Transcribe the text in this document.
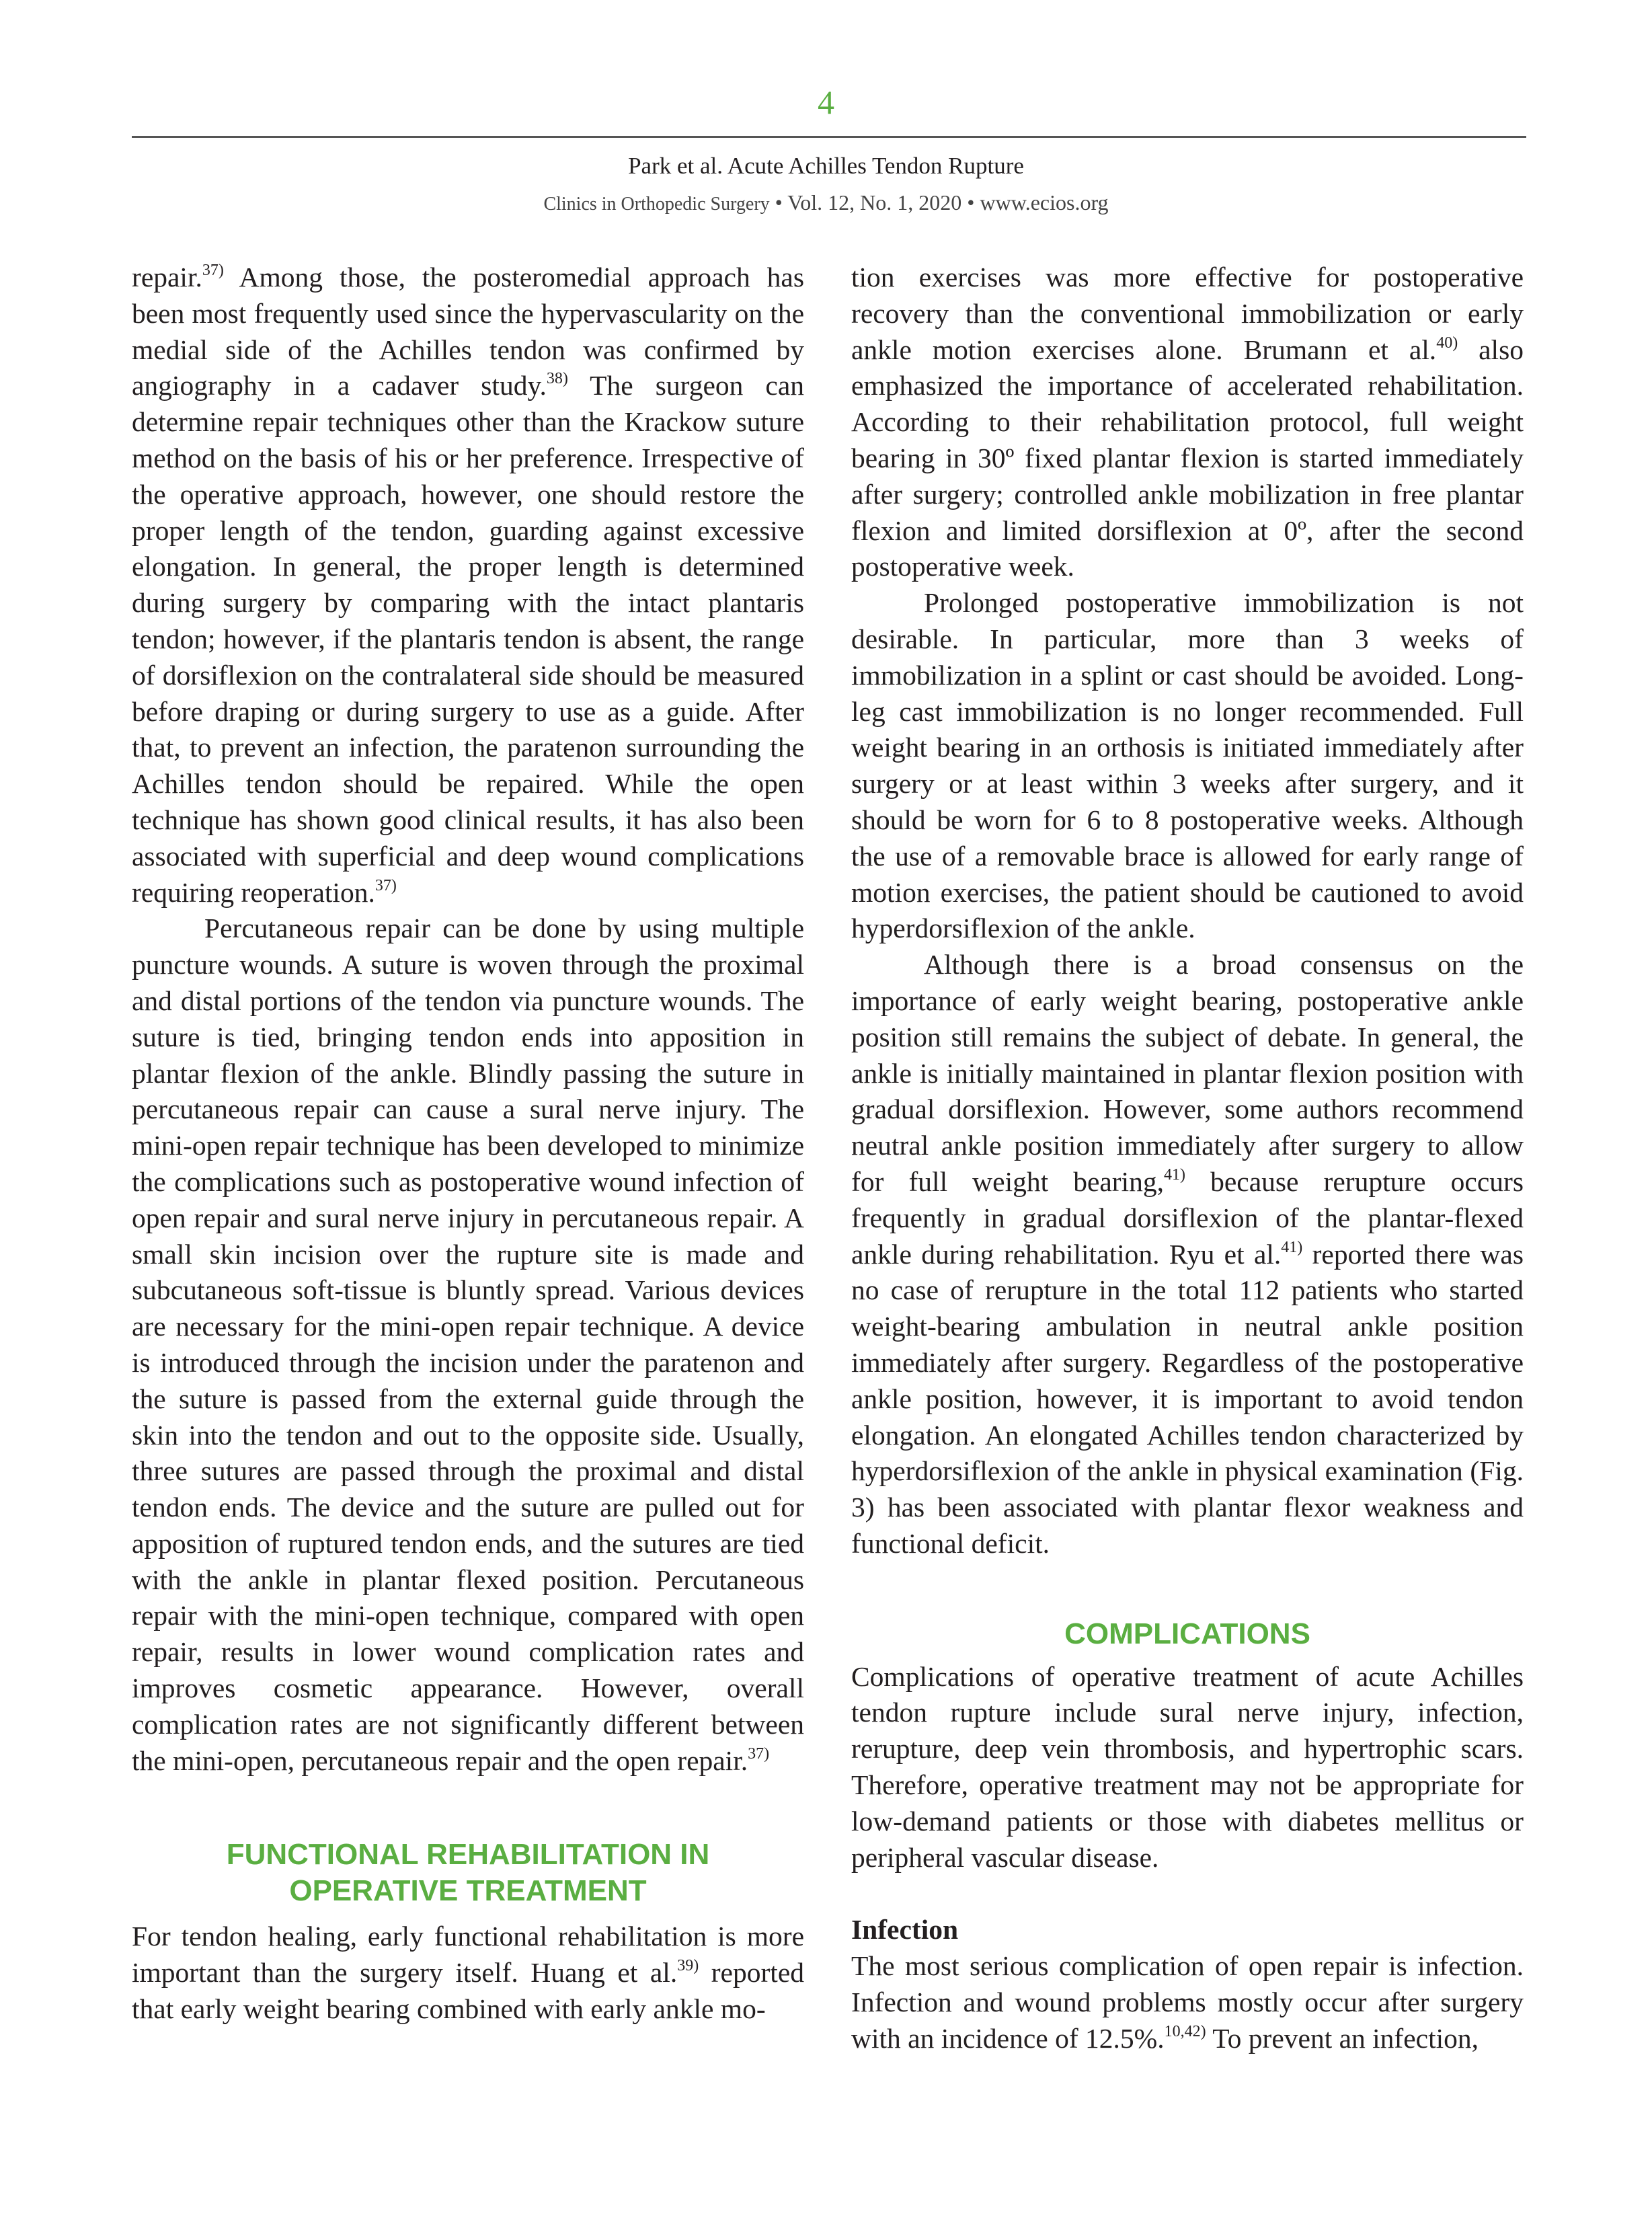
4
Park et al. Acute Achilles Tendon Rupture
Clinics in Orthopedic Surgery • Vol. 12, No. 1, 2020 • www.ecios.org

repair.$^{37)}$ Among those, the posteromedial approach has been most frequently used since the hypervascularity on the medial side of the Achilles tendon was confirmed by angiography in a cadaver study.$^{38)}$ The surgeon can determine repair techniques other than the Krackow suture method on the basis of his or her preference. Irrespective of the operative approach, however, one should restore the proper length of the tendon, guarding against excessive elongation. In general, the proper length is determined during surgery by comparing with the intact plantaris tendon; however, if the plantaris tendon is absent, the range of dorsiflexion on the contralateral side should be measured before draping or during surgery to use as a guide. After that, to prevent an infection, the paratenon surrounding the Achilles tendon should be repaired. While the open technique has shown good clinical results, it has also been associated with superficial and deep wound complications requiring reoperation.$^{37)}$

Percutaneous repair can be done by using multiple puncture wounds. A suture is woven through the proximal and distal portions of the tendon via puncture wounds. The suture is tied, bringing tendon ends into apposition in plantar flexion of the ankle. Blindly passing the suture in percutaneous repair can cause a sural nerve injury. The mini-open repair technique has been developed to minimize the complications such as postoperative wound infection of open repair and sural nerve injury in percutaneous repair. A small skin incision over the rupture site is made and subcutaneous soft-tissue is bluntly spread. Various devices are necessary for the mini-open repair technique. A device is introduced through the incision under the paratenon and the suture is passed from the external guide through the skin into the tendon and out to the opposite side. Usually, three sutures are passed through the proximal and distal tendon ends. The device and the suture are pulled out for apposition of ruptured tendon ends, and the sutures are tied with the ankle in plantar flexed position. Percutaneous repair with the mini-open technique, compared with open repair, results in lower wound complication rates and improves cosmetic appearance. However, overall complication rates are not significantly different between the mini-open, percutaneous repair and the open repair.$^{37)}$

FUNCTIONAL REHABILITATION IN OPERATIVE TREATMENT

For tendon healing, early functional rehabilitation is more important than the surgery itself. Huang et al.$^{39)}$ reported that early weight bearing combined with early ankle mo-

tion exercises was more effective for postoperative recovery than the conventional immobilization or early ankle motion exercises alone. Brumann et al.$^{40)}$ also emphasized the importance of accelerated rehabilitation. According to their rehabilitation protocol, full weight bearing in 30º fixed plantar flexion is started immediately after surgery; controlled ankle mobilization in free plantar flexion and limited dorsiflexion at 0º, after the second postoperative week.

Prolonged postoperative immobilization is not desirable. In particular, more than 3 weeks of immobilization in a splint or cast should be avoided. Long-leg cast immobilization is no longer recommended. Full weight bearing in an orthosis is initiated immediately after surgery or at least within 3 weeks after surgery, and it should be worn for 6 to 8 postoperative weeks. Although the use of a removable brace is allowed for early range of motion exercises, the patient should be cautioned to avoid hyperdorsiflexion of the ankle.

Although there is a broad consensus on the importance of early weight bearing, postoperative ankle position still remains the subject of debate. In general, the ankle is initially maintained in plantar flexion position with gradual dorsiflexion. However, some authors recommend neutral ankle position immediately after surgery to allow for full weight bearing,$^{41)}$ because rerupture occurs frequently in gradual dorsiflexion of the plantar-flexed ankle during rehabilitation. Ryu et al.$^{41)}$ reported there was no case of rerupture in the total 112 patients who started weight-bearing ambulation in neutral ankle position immediately after surgery. Regardless of the postoperative ankle position, however, it is important to avoid tendon elongation. An elongated Achilles tendon characterized by hyperdorsiflexion of the ankle in physical examination (Fig. 3) has been associated with plantar flexor weakness and functional deficit.

COMPLICATIONS

Complications of operative treatment of acute Achilles tendon rupture include sural nerve injury, infection, rerupture, deep vein thrombosis, and hypertrophic scars. Therefore, operative treatment may not be appropriate for low-demand patients or those with diabetes mellitus or peripheral vascular disease.

Infection

The most serious complication of open repair is infection. Infection and wound problems mostly occur after surgery with an incidence of 12.5%.$^{10,42)}$ To prevent an infection,
